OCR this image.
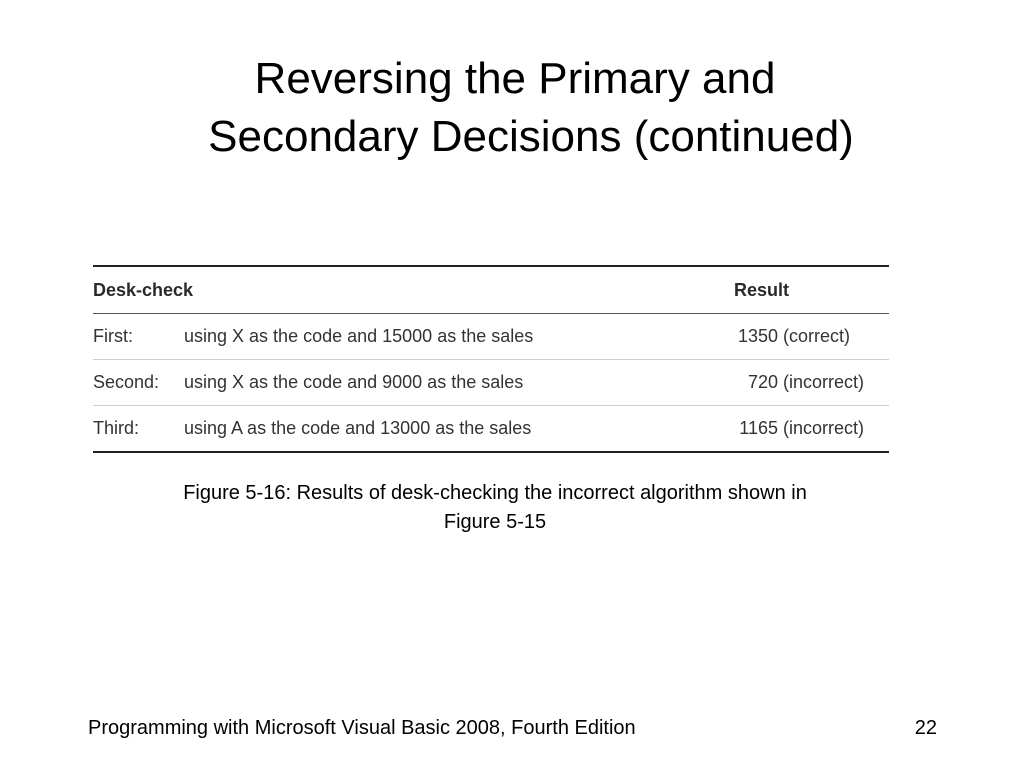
Reversing the Primary and
Secondary Decisions (continued)
Desk-check		Result
First:	using X as the code and 15000 as the sales	1350 (correct)
Second:	using X as the code and 9000 as the sales	720 (incorrect)
Third:	using A as the code and 13000 as the sales	1165 (incorrect)

Figure 5-16: Results of desk-checking the incorrect algorithm shown in
Figure 5-15

Programming with Microsoft Visual Basic 2008, Fourth Edition	22
